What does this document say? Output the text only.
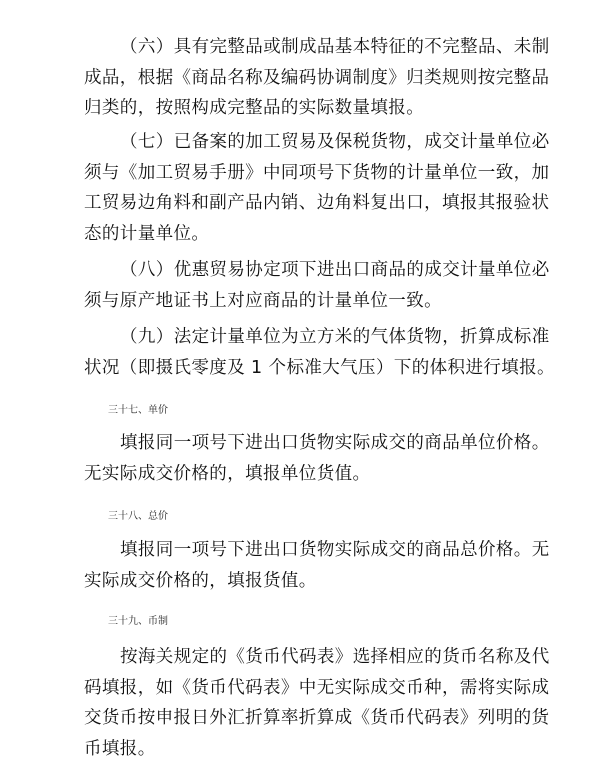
（六）具有完整品或制成品基本特征的不完整品、未制
成品，根据《商品名称及编码协调制度》归类规则按完整品
归类的，按照构成完整品的实际数量填报。

（七）已备案的加工贸易及保税货物，成交计量单位必
须与《加工贸易手册》中同项号下货物的计量单位一致，加
工贸易边角料和副产品内销、边角料复出口，填报其报验状
态的计量单位。

（八）优惠贸易协定项下进出口商品的成交计量单位必
须与原产地证书上对应商品的计量单位一致。

（九）法定计量单位为立方米的气体货物，折算成标准
状况（即摄氏零度及 1 个标准大气压）下的体积进行填报。

三十七、单价

填报同一项号下进出口货物实际成交的商品单位价格。
无实际成交价格的，填报单位货值。

三十八、总价

填报同一项号下进出口货物实际成交的商品总价格。无
实际成交价格的，填报货值。

三十九、币制

按海关规定的《货币代码表》选择相应的货币名称及代
码填报，如《货币代码表》中无实际成交币种，需将实际成
交货币按申报日外汇折算率折算成《货币代码表》列明的货
币填报。
